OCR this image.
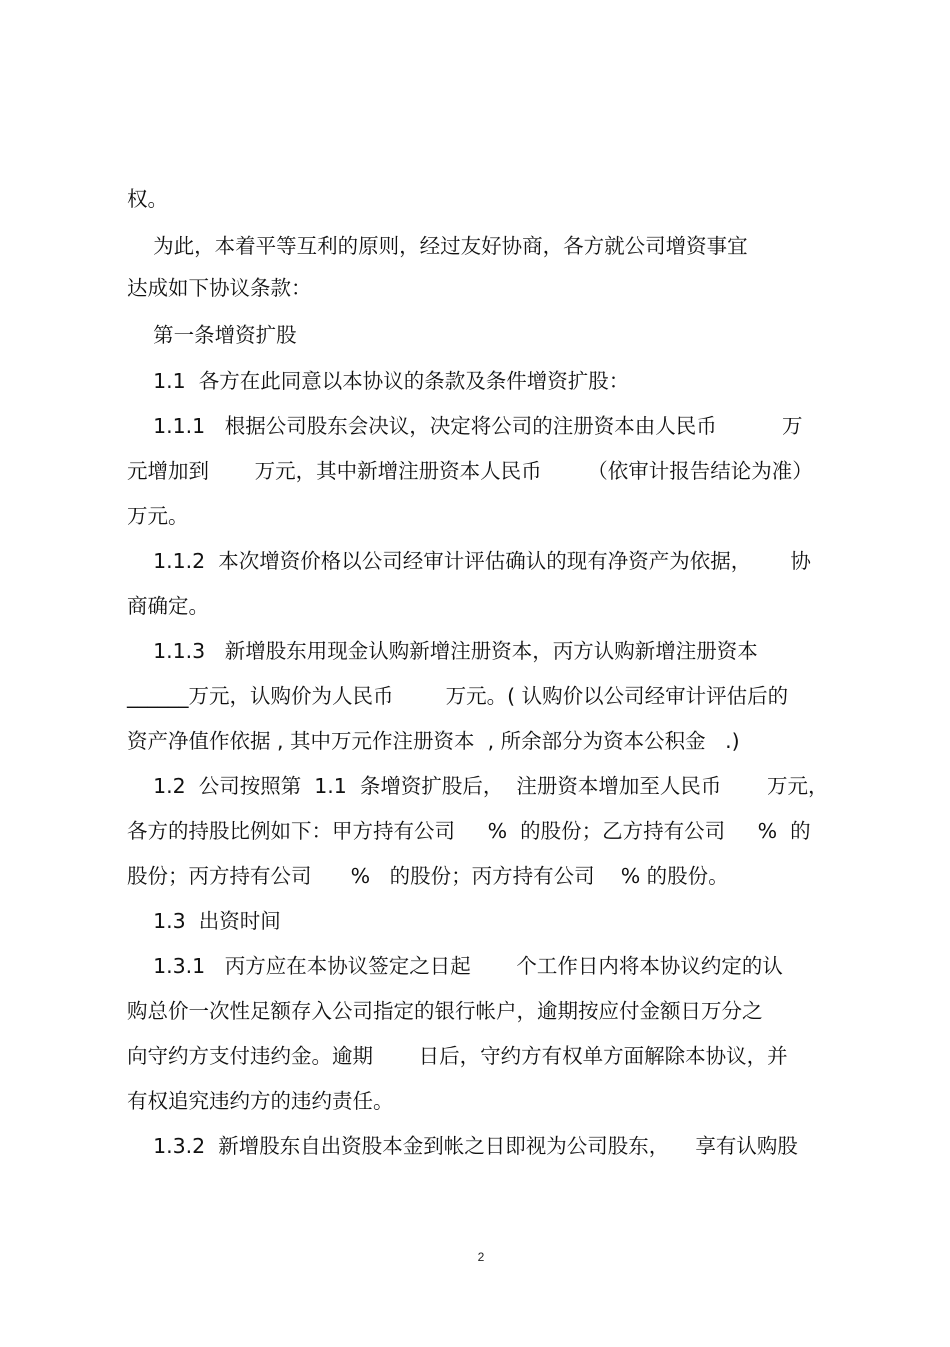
权。

为此，本着平等互利的原则，经过友好协商，各方就公司增资事宜

达成如下协议条款：

第一条增资扩股

1.1  各方在此同意以本协议的条款及条件增资扩股：

1.1.1   根据公司股东会决议，决定将公司的注册资本由人民币          万

元增加到       万元，其中新增注册资本人民币       （依审计报告结论为准）

万元。

1.1.2  本次增资价格以公司经审计评估确认的现有净资产为依据，      协

商确定。

1.1.3   新增股东用现金认购新增注册资本，丙方认购新增注册资本

______万元，认购价为人民币        万元。( 认购价以公司经审计评估后的

资产净值作依据 , 其中万元作注册资本  , 所余部分为资本公积金   .)

1.2  公司按照第  1.1  条增资扩股后，  注册资本增加至人民币       万元，

各方的持股比例如下：甲方持有公司     %  的股份；乙方持有公司     %  的

股份；丙方持有公司      %   的股份；丙方持有公司    % 的股份。

1.3  出资时间

1.3.1   丙方应在本协议签定之日起       个工作日内将本协议约定的认

购总价一次性足额存入公司指定的银行帐户，逾期按应付金额日万分之

向守约方支付违约金。逾期       日后，守约方有权单方面解除本协议，并

有权追究违约方的违约责任。

1.3.2  新增股东自出资股本金到帐之日即视为公司股东，    享有认购股

2
